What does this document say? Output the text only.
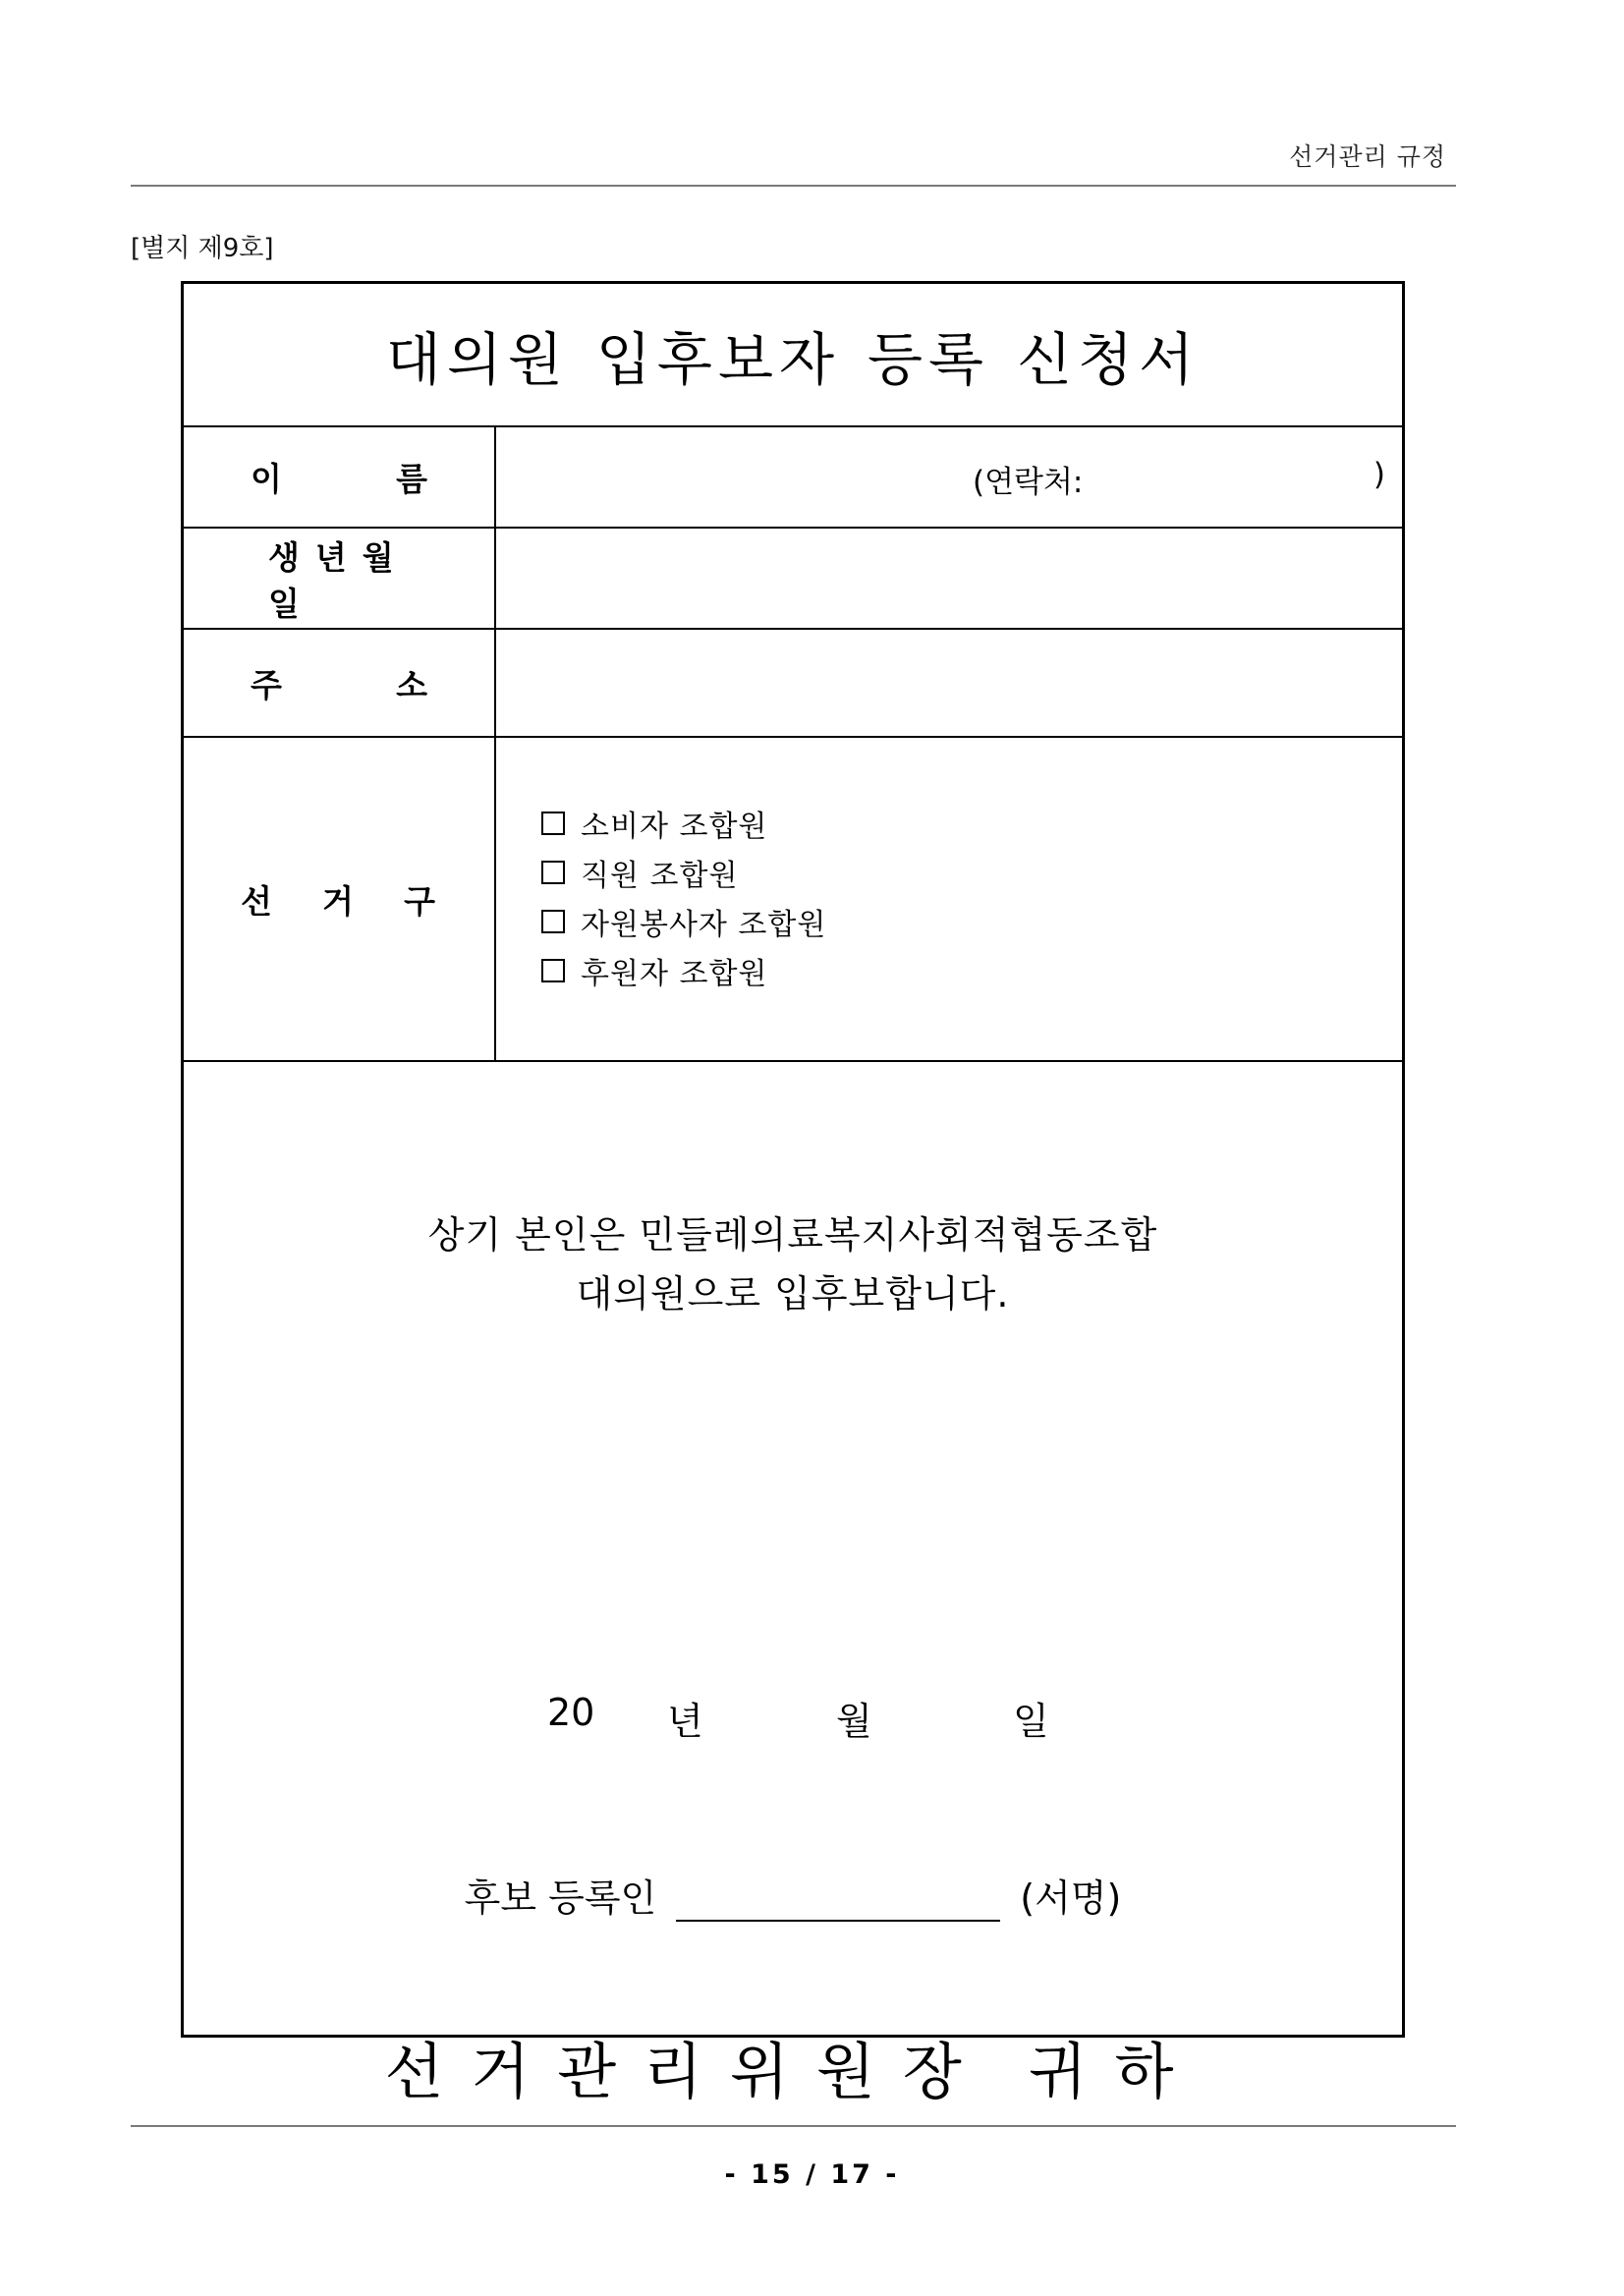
선거관리 규정
[별지 제9호]
대의원 입후보자 등록 신청서
이	름	(연락처:	)
생년월일
주	소
선 거 구
소비자 조합원
직원 조합원
자원봉사자 조합원
후원자 조합원
상기 본인은 민들레의료복지사회적협동조합
대의원으로 입후보합니다.
20 년	월	일
후보 등록인	(서명)
선거관리위원장 귀하
- 15 / 17 -
